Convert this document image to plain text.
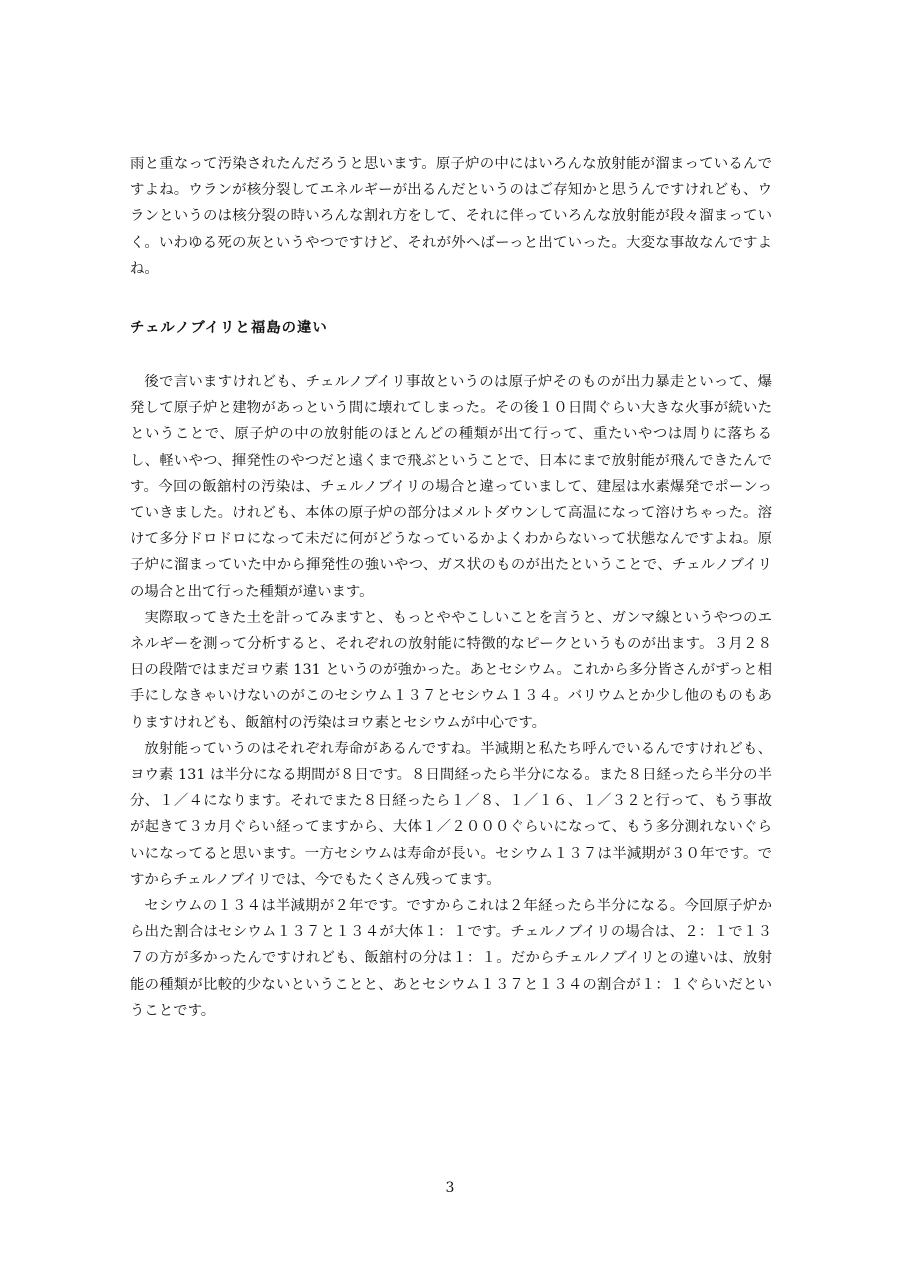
雨と重なって汚染されたんだろうと思います。原子炉の中にはいろんな放射能が溜まっているんですよね。ウランが核分裂してエネルギーが出るんだというのはご存知かと思うんですけれども、ウランというのは核分裂の時いろんな割れ方をして、それに伴っていろんな放射能が段々溜まっていく。いわゆる死の灰というやつですけど、それが外へばーっと出ていった。大変な事故なんですよね。

チェルノブイリと福島の違い

後で言いますけれども、チェルノブイリ事故というのは原子炉そのものが出力暴走といって、爆発して原子炉と建物があっという間に壊れてしまった。その後１０日間ぐらい大きな火事が続いたということで、原子炉の中の放射能のほとんどの種類が出て行って、重たいやつは周りに落ちるし、軽いやつ、揮発性のやつだと遠くまで飛ぶということで、日本にまで放射能が飛んできたんです。今回の飯舘村の汚染は、チェルノブイリの場合と違っていまして、建屋は水素爆発でポーンっていきました。けれども、本体の原子炉の部分はメルトダウンして高温になって溶けちゃった。溶けて多分ドロドロになって未だに何がどうなっているかよくわからないって状態なんですよね。原子炉に溜まっていた中から揮発性の強いやつ、ガス状のものが出たということで、チェルノブイリの場合と出て行った種類が違います。

実際取ってきた土を計ってみますと、もっとややこしいことを言うと、ガンマ線というやつのエネルギーを測って分析すると、それぞれの放射能に特徴的なピークというものが出ます。３月２８日の段階ではまだヨウ素 131 というのが強かった。あとセシウム。これから多分皆さんがずっと相手にしなきゃいけないのがこのセシウム１３７とセシウム１３４。バリウムとか少し他のものもありますけれども、飯舘村の汚染はヨウ素とセシウムが中心です。

放射能っていうのはそれぞれ寿命があるんですね。半減期と私たち呼んでいるんですけれども、ヨウ素 131 は半分になる期間が８日です。８日間経ったら半分になる。また８日経ったら半分の半分、１／４になります。それでまた８日経ったら１／８、１／１６、１／３２と行って、もう事故が起きて３カ月ぐらい経ってますから、大体１／２０００ぐらいになって、もう多分測れないぐらいになってると思います。一方セシウムは寿命が長い。セシウム１３７は半減期が３０年です。ですからチェルノブイリでは、今でもたくさん残ってます。

セシウムの１３４は半減期が２年です。ですからこれは２年経ったら半分になる。今回原子炉から出た割合はセシウム１３７と１３４が大体１：１です。チェルノブイリの場合は、２：１で１３７の方が多かったんですけれども、飯舘村の分は１：１。だからチェルノブイリとの違いは、放射能の種類が比較的少ないということと、あとセシウム１３７と１３４の割合が１：１ぐらいだということです。

3
